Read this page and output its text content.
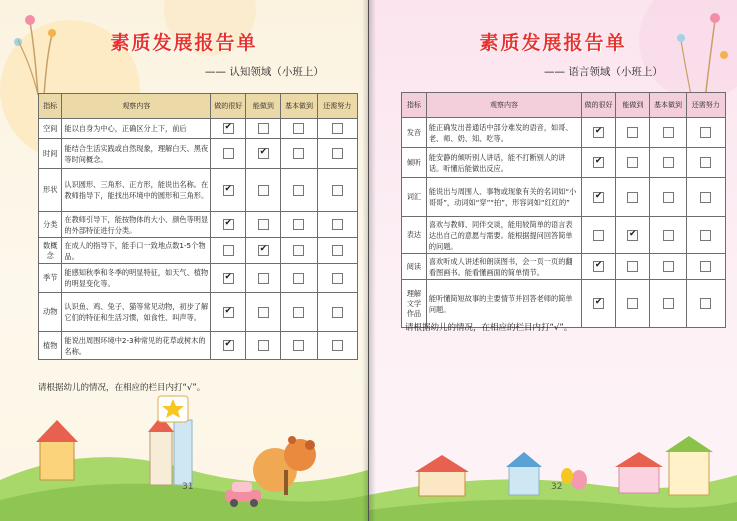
素质发展报告单
—— 认知领域（小班上）
指标	观察内容	做的很好	能做到	基本做到	还需努力
空间	能以自身为中心，正确区分上下，前后	✔			
时间	能结合生活实践或自然现象，理解白天、黑夜等时间概念。		✔		
形状	认识圆形、三角形、正方形，能说出名称。在教师指导下，能找出环境中的圆形和三角形。	✔			
分类	在教师引导下，能按物体的大小、颜色等明显的外部特征进行分类。	✔			
数概念	在成人的指导下，能手口一致地点数1-5个物品。		✔		
季节	能感知秋季和冬季的明显特征，如天气、植物的明显变化等。	✔			
动物	认识鱼、鸡、兔子、猫等常见动物，初步了解它们的特征和生活习惯，如食性、叫声等。	✔			
植物	能说出周围环境中2-3种常见的花草或树木的名称。	✔			
请根据幼儿的情况，在相应的栏目内打“√”。
31
素质发展报告单
—— 语言领域（小班上）
指标	观察内容	做的很好	能做到	基本做到	还需努力
发音	能正确发出普通话中部分难发的语音，如哥、老、师、奶、知、吃等。	✔			
倾听	能安静的倾听别人讲话，能不打断别人的讲话。听懂后能做出反应。	✔			
词汇	能说出与周围人、事物或现象有关的名词如“小哥哥”，动词如“穿”“拍”，形容词如“红红的”	✔			
表达	喜欢与教师、同伴交谈，能用较简单的语言表达出自己的意愿与需要。能根据提问回答简单的问题。		✔		
阅读	喜欢听成人讲述和朗读图书，会一页一页的翻看图画书。能看懂画面的简单情节。	✔			
理解文学作品	能听懂简短故事的主要情节并回答老师的简单问题。	✔			
请根据幼儿的情况，在相应的栏目内打“√”。
32
